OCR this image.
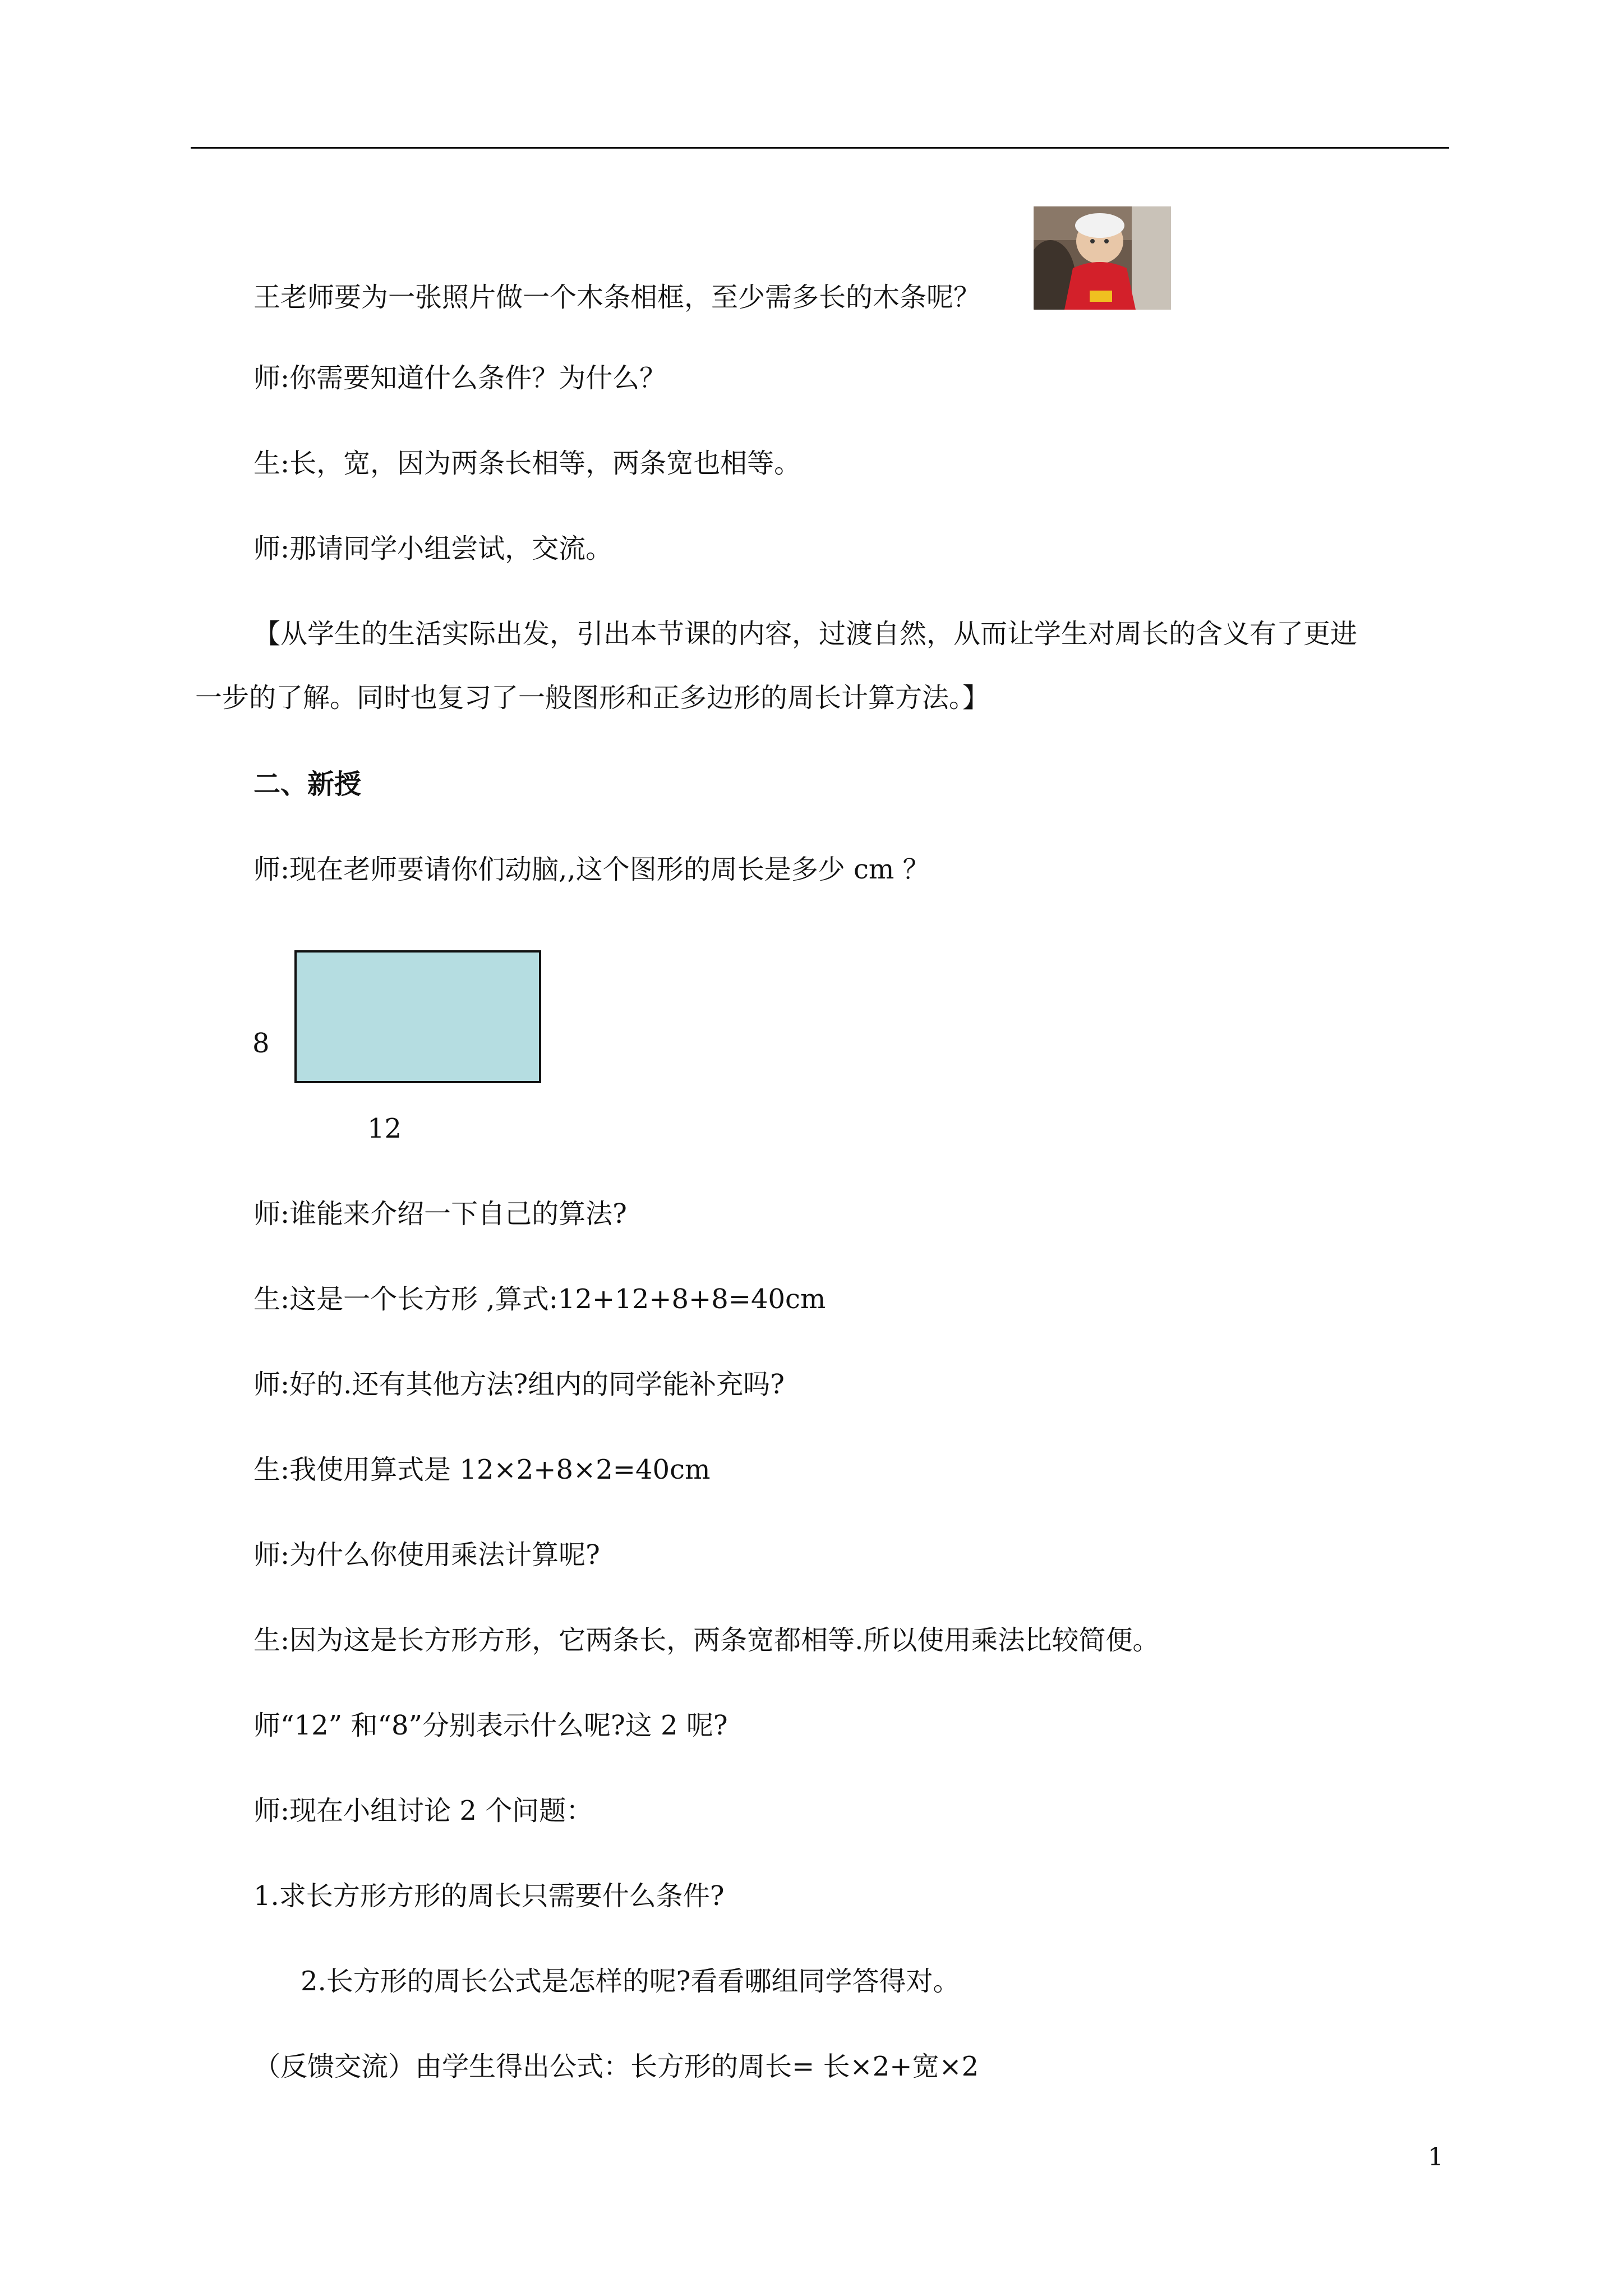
王老师要为一张照片做一个木条相框，至少需多长的木条呢？
师:你需要知道什么条件？为什么？
生:长，宽，因为两条长相等，两条宽也相等。
师:那请同学小组尝试，交流。
【从学生的生活实际出发，引出本节课的内容，过渡自然，从而让学生对周长的含义有了更进
一步的了解。同时也复习了一般图形和正多边形的周长计算方法。】
二、新授
师:现在老师要请你们动脑,,这个图形的周长是多少 cm ？
8
12
师:谁能来介绍一下自己的算法?
生:这是一个长方形 ,算式:12+12+8+8=40cm
师:好的.还有其他方法?组内的同学能补充吗?
生:我使用算式是 12×2+8×2=40cm
师:为什么你使用乘法计算呢?
生:因为这是长方形方形，它两条长，两条宽都相等.所以使用乘法比较简便。
师“12” 和“8”分别表示什么呢?这 2 呢?
师:现在小组讨论 2 个问题：
1.求长方形方形的周长只需要什么条件?
2.长方形的周长公式是怎样的呢?看看哪组同学答得对。
（反馈交流）由学生得出公式：长方形的周长= 长×2+宽×2
1
